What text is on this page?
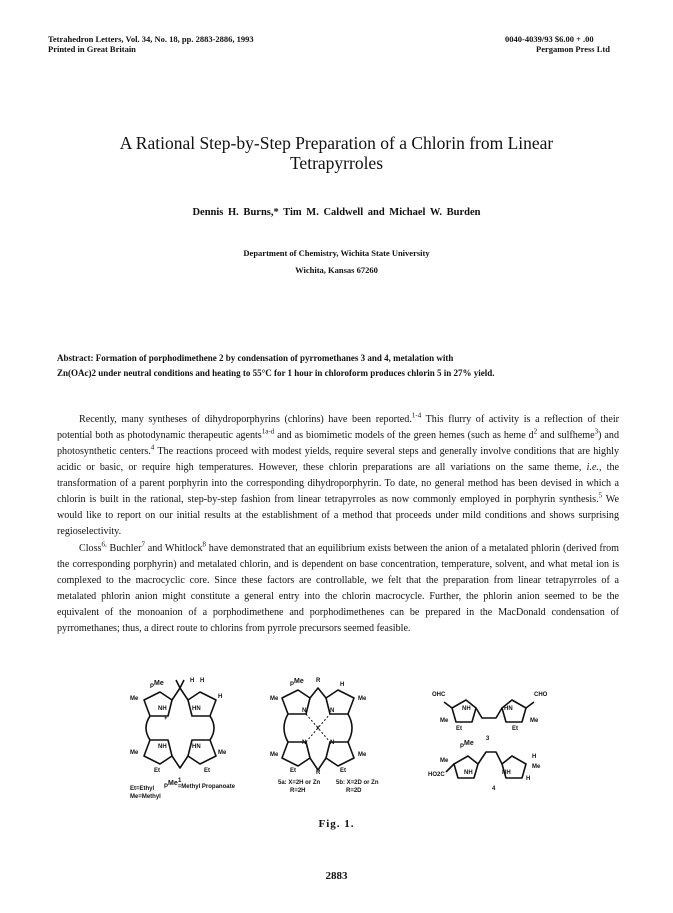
Tetrahedron Letters, Vol. 34, No. 18, pp. 2883-2886, 1993
Printed in Great Britain
0040-4039/93 $6.00 + .00
Pergamon Press Ltd
A Rational Step-by-Step Preparation of a Chlorin from Linear
Tetrapyrroles
Dennis H. Burns,* Tim M. Caldwell and Michael W. Burden
Department of Chemistry, Wichita State University
Wichita, Kansas 67260
Abstract: Formation of porphodimethene 2 by condensation of pyrromethanes 3 and 4, metalation with
Zn(OAc)2 under neutral conditions and heating to 55°C for 1 hour in chloroform produces chlorin 5 in 27% yield.

Recently, many syntheses of dihydroporphyrins (chlorins) have been reported.$^{1-4}$ This flurry of activity is a reflection of their potential both as photodynamic therapeutic agents$^{1a-d}$ and as biomimetic models of the green hemes (such as heme $d^2$ and sulfheme$^3$) and photosynthetic centers.$^4$ The reactions proceed with modest yields, require several steps and generally involve conditions that are highly acidic or basic, or require high temperatures. However, these chlorin preparations are all variations on the same theme, i.e., the transformation of a parent porphyrin into the corresponding dihydroporphyrin. To date, no general method has been devised in which a chlorin is built in the rational, step-by-step fashion from linear tetrapyrroles as now commonly employed in porphyrin synthesis.$^5$ We would like to report on our initial results at the establishment of a method that proceeds under mild conditions and shows surprising regioselectivity.

Closs$^{6,}$ Buchler$^7$ and Whitlock$^8$ have demonstrated that an equilibrium exists between the anion of a metalated phlorin (derived from the corresponding porphyrin) and metalated chlorin, and is dependent on base concentration, temperature, solvent, and what metal ion is complexed to the macrocyclic core. Since these factors are controllable, we felt that the preparation from linear tetrapyrroles of a metalated phlorin anion might constitute a general entry into the chlorin macrocycle. Further, the phlorin anion seemed to be the equivalent of the monoanion of a porphodimethene and porphodimethenes can be prepared in the MacDonald condensation of pyrromethanes; thus, a direct route to chlorins from pyrrole precursors seemed feasible.

H H
$P^{Me}$
Me	H
NH	HN
+
NH	HN
Me	Me
Et	Et
1
Et=Ethyl $P^{Me}=Methyl$ Propanoate
Me=Methyl
$P^{Me}$ R
H
Me	Me
N	N
X
N	N
Me	Me
Et	R	Et
5a: X=2H or Zn	5b: X=2D or Zn
R=2H	R=2D
OHC	CHO
NH	HN
Me	Me
Et	Et
3
$P^{Me}$
Me
H
Me
HO2C	NH	NH
H
4
Fig. 1.
2883
